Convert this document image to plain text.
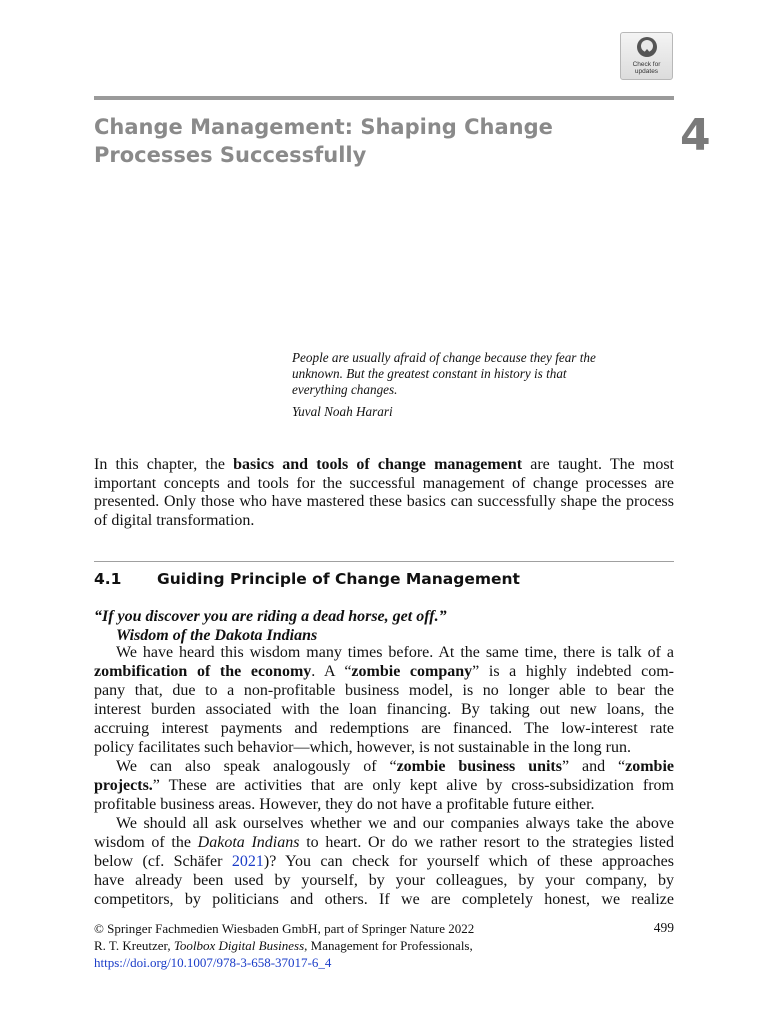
Check for
updates
Change Management: Shaping Change
Processes Successfully	4
People are usually afraid of change because they fear the
unknown. But the greatest constant in history is that
everything changes.
Yuval Noah Harari
In this chapter, the basics and tools of change management are taught. The most important concepts and tools for the successful management of change processes are presented. Only those who have mastered these basics can successfully shape the process of digital transformation.
4.1 Guiding Principle of Change Management
“If you discover you are riding a dead horse, get off.”
Wisdom of the Dakota Indians
We have heard this wisdom many times before. At the same time, there is talk of a
zombification of the economy. A “zombie company” is a highly indebted com-
pany that, due to a non-profitable business model, is no longer able to bear the
interest burden associated with the loan financing. By taking out new loans, the
accruing interest payments and redemptions are financed. The low-interest rate
policy facilitates such behavior—which, however, is not sustainable in the long run.
We can also speak analogously of “zombie business units” and “zombie
projects.” These are activities that are only kept alive by cross-subsidization from
profitable business areas. However, they do not have a profitable future either.
We should all ask ourselves whether we and our companies always take the above
wisdom of the Dakota Indians to heart. Or do we rather resort to the strategies listed
below (cf. Schäfer 2021)? You can check for yourself which of these approaches
have already been used by yourself, by your colleagues, by your company, by
competitors, by politicians and others. If we are completely honest, we realize
© Springer Fachmedien Wiesbaden GmbH, part of Springer Nature 2022
R. T. Kreutzer, Toolbox Digital Business, Management for Professionals,
https://doi.org/10.1007/978-3-658-37017-6_4
499
